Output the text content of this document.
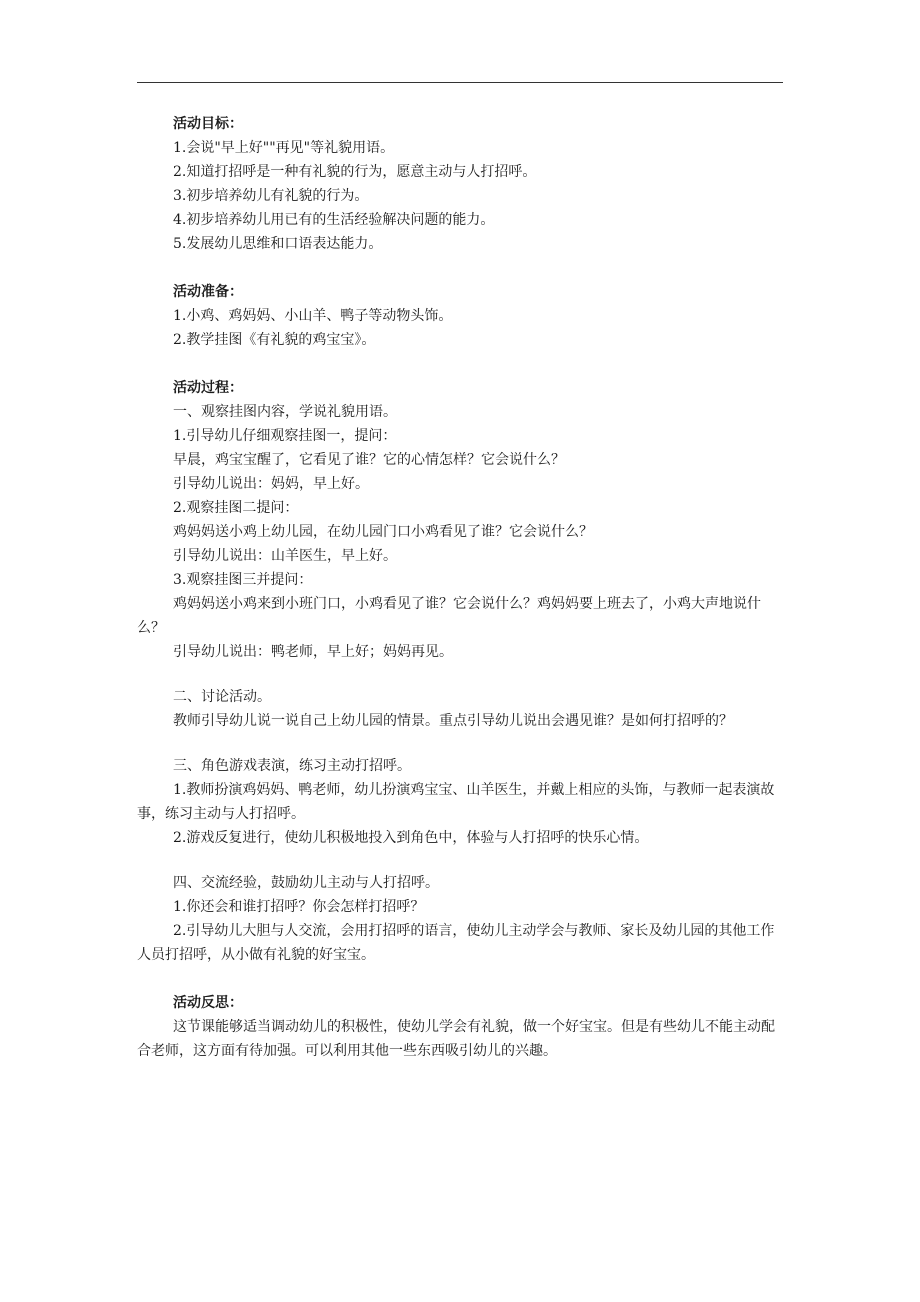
活动目标：

1.会说"早上好""再见"等礼貌用语。

2.知道打招呼是一种有礼貌的行为，愿意主动与人打招呼。

3.初步培养幼儿有礼貌的行为。

4.初步培养幼儿用已有的生活经验解决问题的能力。

5.发展幼儿思维和口语表达能力。

活动准备：

1.小鸡、鸡妈妈、小山羊、鸭子等动物头饰。

2.教学挂图《有礼貌的鸡宝宝》。

活动过程：

一、观察挂图内容，学说礼貌用语。

1.引导幼儿仔细观察挂图一，提问：

早晨，鸡宝宝醒了，它看见了谁？它的心情怎样？它会说什么？

引导幼儿说出：妈妈，早上好。

2.观察挂图二提问：

鸡妈妈送小鸡上幼儿园，在幼儿园门口小鸡看见了谁？它会说什么？

引导幼儿说出：山羊医生，早上好。

3.观察挂图三并提问：

鸡妈妈送小鸡来到小班门口，小鸡看见了谁？它会说什么？鸡妈妈要上班去了，小鸡大声地说什么？

引导幼儿说出：鸭老师，早上好；妈妈再见。

二、讨论活动。

教师引导幼儿说一说自己上幼儿园的情景。重点引导幼儿说出会遇见谁？是如何打招呼的？

三、角色游戏表演，练习主动打招呼。

1.教师扮演鸡妈妈、鸭老师，幼儿扮演鸡宝宝、山羊医生，并戴上相应的头饰，与教师一起表演故事，练习主动与人打招呼。

2.游戏反复进行，使幼儿积极地投入到角色中，体验与人打招呼的快乐心情。

四、交流经验，鼓励幼儿主动与人打招呼。

1.你还会和谁打招呼？你会怎样打招呼？

2.引导幼儿大胆与人交流，会用打招呼的语言，使幼儿主动学会与教师、家长及幼儿园的其他工作人员打招呼，从小做有礼貌的好宝宝。

活动反思：

这节课能够适当调动幼儿的积极性，使幼儿学会有礼貌，做一个好宝宝。但是有些幼儿不能主动配合老师，这方面有待加强。可以利用其他一些东西吸引幼儿的兴趣。
